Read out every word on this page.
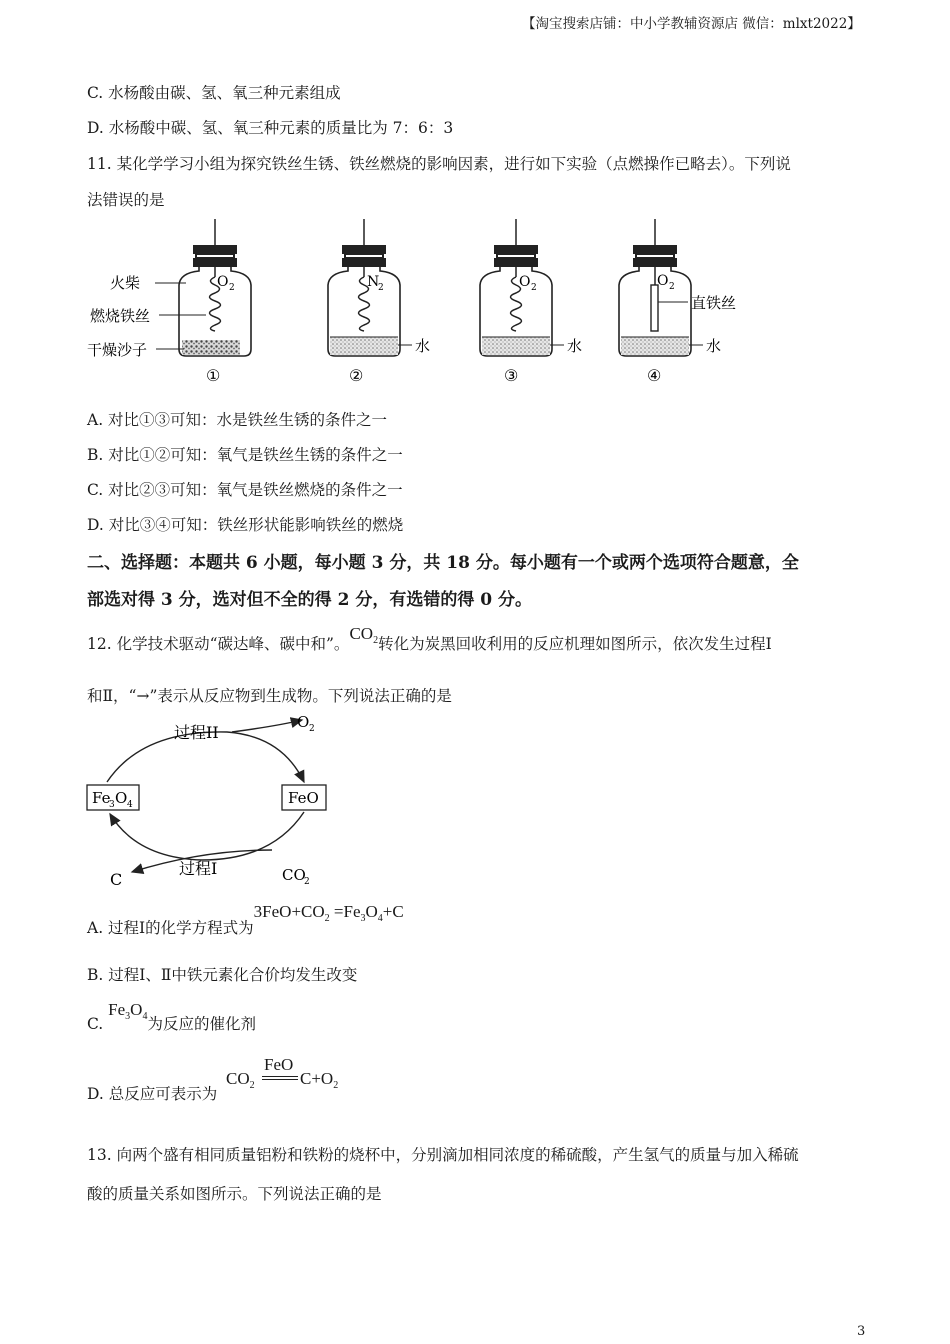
【淘宝搜索店铺：中小学教辅资源店 微信：mlxt2022】
C. 水杨酸由碳、氢、氧三种元素组成
D. 水杨酸中碳、氢、氧三种元素的质量比为 7：6：3
11. 某化学学习小组为探究铁丝生锈、铁丝燃烧的影响因素，进行如下实验（点燃操作已略去）。下列说
法错误的是
O 2
火柴
燃烧铁丝
干燥沙子
①
N
2
水
②
O 2
水
③
O 2
直铁丝
水
④
A. 对比①③可知：水是铁丝生锈的条件之一
B. 对比①②可知：氧气是铁丝生锈的条件之一
C. 对比②③可知：氧气是铁丝燃烧的条件之一
D. 对比③④可知：铁丝形状能影响铁丝的燃烧
二、选择题：本题共 6 小题，每小题 3 分，共 18 分。每小题有一个或两个选项符合题意，全
部选对得 3 分，选对但不全的得 2 分，有选错的得 0 分。
12. 化学技术驱动“碳达峰、碳中和”。$CO_2$转化为炭黑回收利用的反应机理如图所示，依次发生过程Ⅰ
和Ⅱ，“→”表示从反应物到生成物。下列说法正确的是
Fe
3 O 4	FeO
过程II
O 2
过程I
C	CO
2
A. 过程Ⅰ的化学方程式为$3FeO+CO_2 =Fe_3O_4+C$
B. 过程Ⅰ、Ⅱ中铁元素化合价均发生改变
C. $Fe_3O_4$为反应的催化剂
D. 总反应可表示为
FeO
$CO_2$	$C+O_2$
13. 向两个盛有相同质量铝粉和铁粉的烧杯中，分别滴加相同浓度的稀硫酸，产生氢气的质量与加入稀硫
酸的质量关系如图所示。下列说法正确的是
3
